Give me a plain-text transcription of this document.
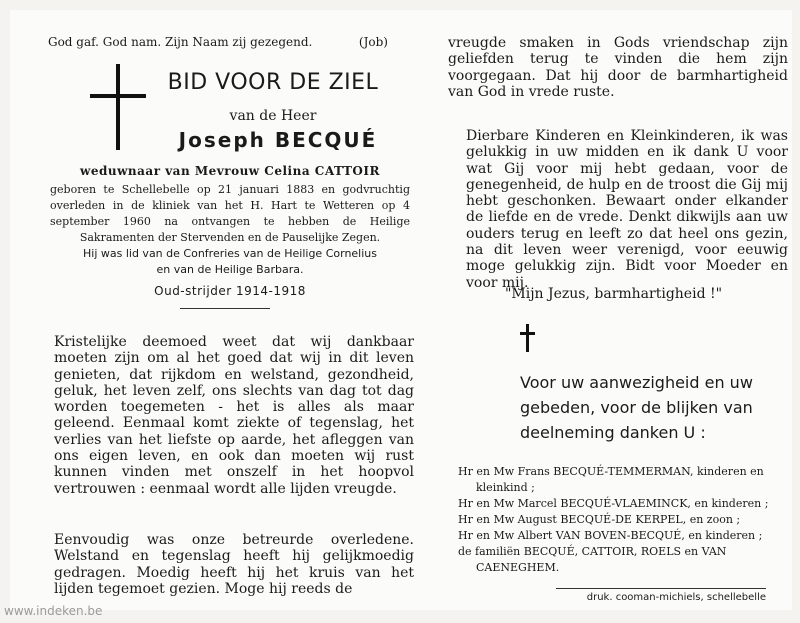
God gaf. God nam. Zijn Naam zij gezegend.	(Job)
BID VOOR DE ZIEL
van de Heer
Joseph BECQUÉ
weduwnaar van Mevrouw Celina CATTOIR
geboren te Schellebelle op 21 januari 1883 en godvruchtig overleden in de kliniek van het H. Hart te Wetteren op 4 september 1960 na ontvangen te hebben de Heilige Sakramenten der Stervenden en de Pauselijke Zegen.
Hij was lid van de Confreries van de Heilige Cornelius
en van de Heilige Barbara.
Oud-strijder 1914-1918
Kristelijke deemoed weet dat wij dankbaar moeten zijn om al het goed dat wij in dit leven genieten, dat rijkdom en welstand, gezondheid, geluk, het leven zelf, ons slechts van dag tot dag worden toegemeten - het is alles als maar geleend. Eenmaal komt ziekte of tegenslag, het verlies van het liefste op aarde, het afleggen van ons eigen leven, en ook dan moeten wij rust kunnen vinden met onszelf in het hoopvol vertrouwen : eenmaal wordt alle lijden vreugde.
Eenvoudig was onze betreurde overledene. Welstand en tegenslag heeft hij gelijkmoedig gedragen. Moedig heeft hij het kruis van het lijden tegemoet gezien. Moge hij reeds de
vreugde smaken in Gods vriendschap zijn geliefden terug te vinden die hem zijn voorgegaan. Dat hij door de barmhartigheid van God in vrede ruste.
Dierbare Kinderen en Kleinkinderen, ik was gelukkig in uw midden en ik dank U voor wat Gij voor mij hebt gedaan, voor de genegenheid, de hulp en de troost die Gij mij hebt geschonken. Bewaart onder elkander de liefde en de vrede. Denkt dikwijls aan uw ouders terug en leeft zo dat heel ons gezin, na dit leven weer verenigd, voor eeuwig moge gelukkig zijn. Bidt voor Moeder en voor mij.
"Mijn Jezus, barmhartigheid !"
Voor uw aanwezigheid en uw gebeden, voor de blijken van deelneming danken U :
Hr en Mw Frans BECQUÉ-TEMMERMAN, kinderen en
kleinkind ;
Hr en Mw Marcel BECQUÉ-VLAEMINCK, en kinderen ;
Hr en Mw August BECQUÉ-DE KERPEL, en zoon ;
Hr en Mw Albert VAN BOVEN-BECQUÉ, en kinderen ;
de familiën BECQUÉ, CATTOIR, ROELS en VAN
CAENEGHEM.
druk. cooman-michiels, schellebelle
www.indeken.be
